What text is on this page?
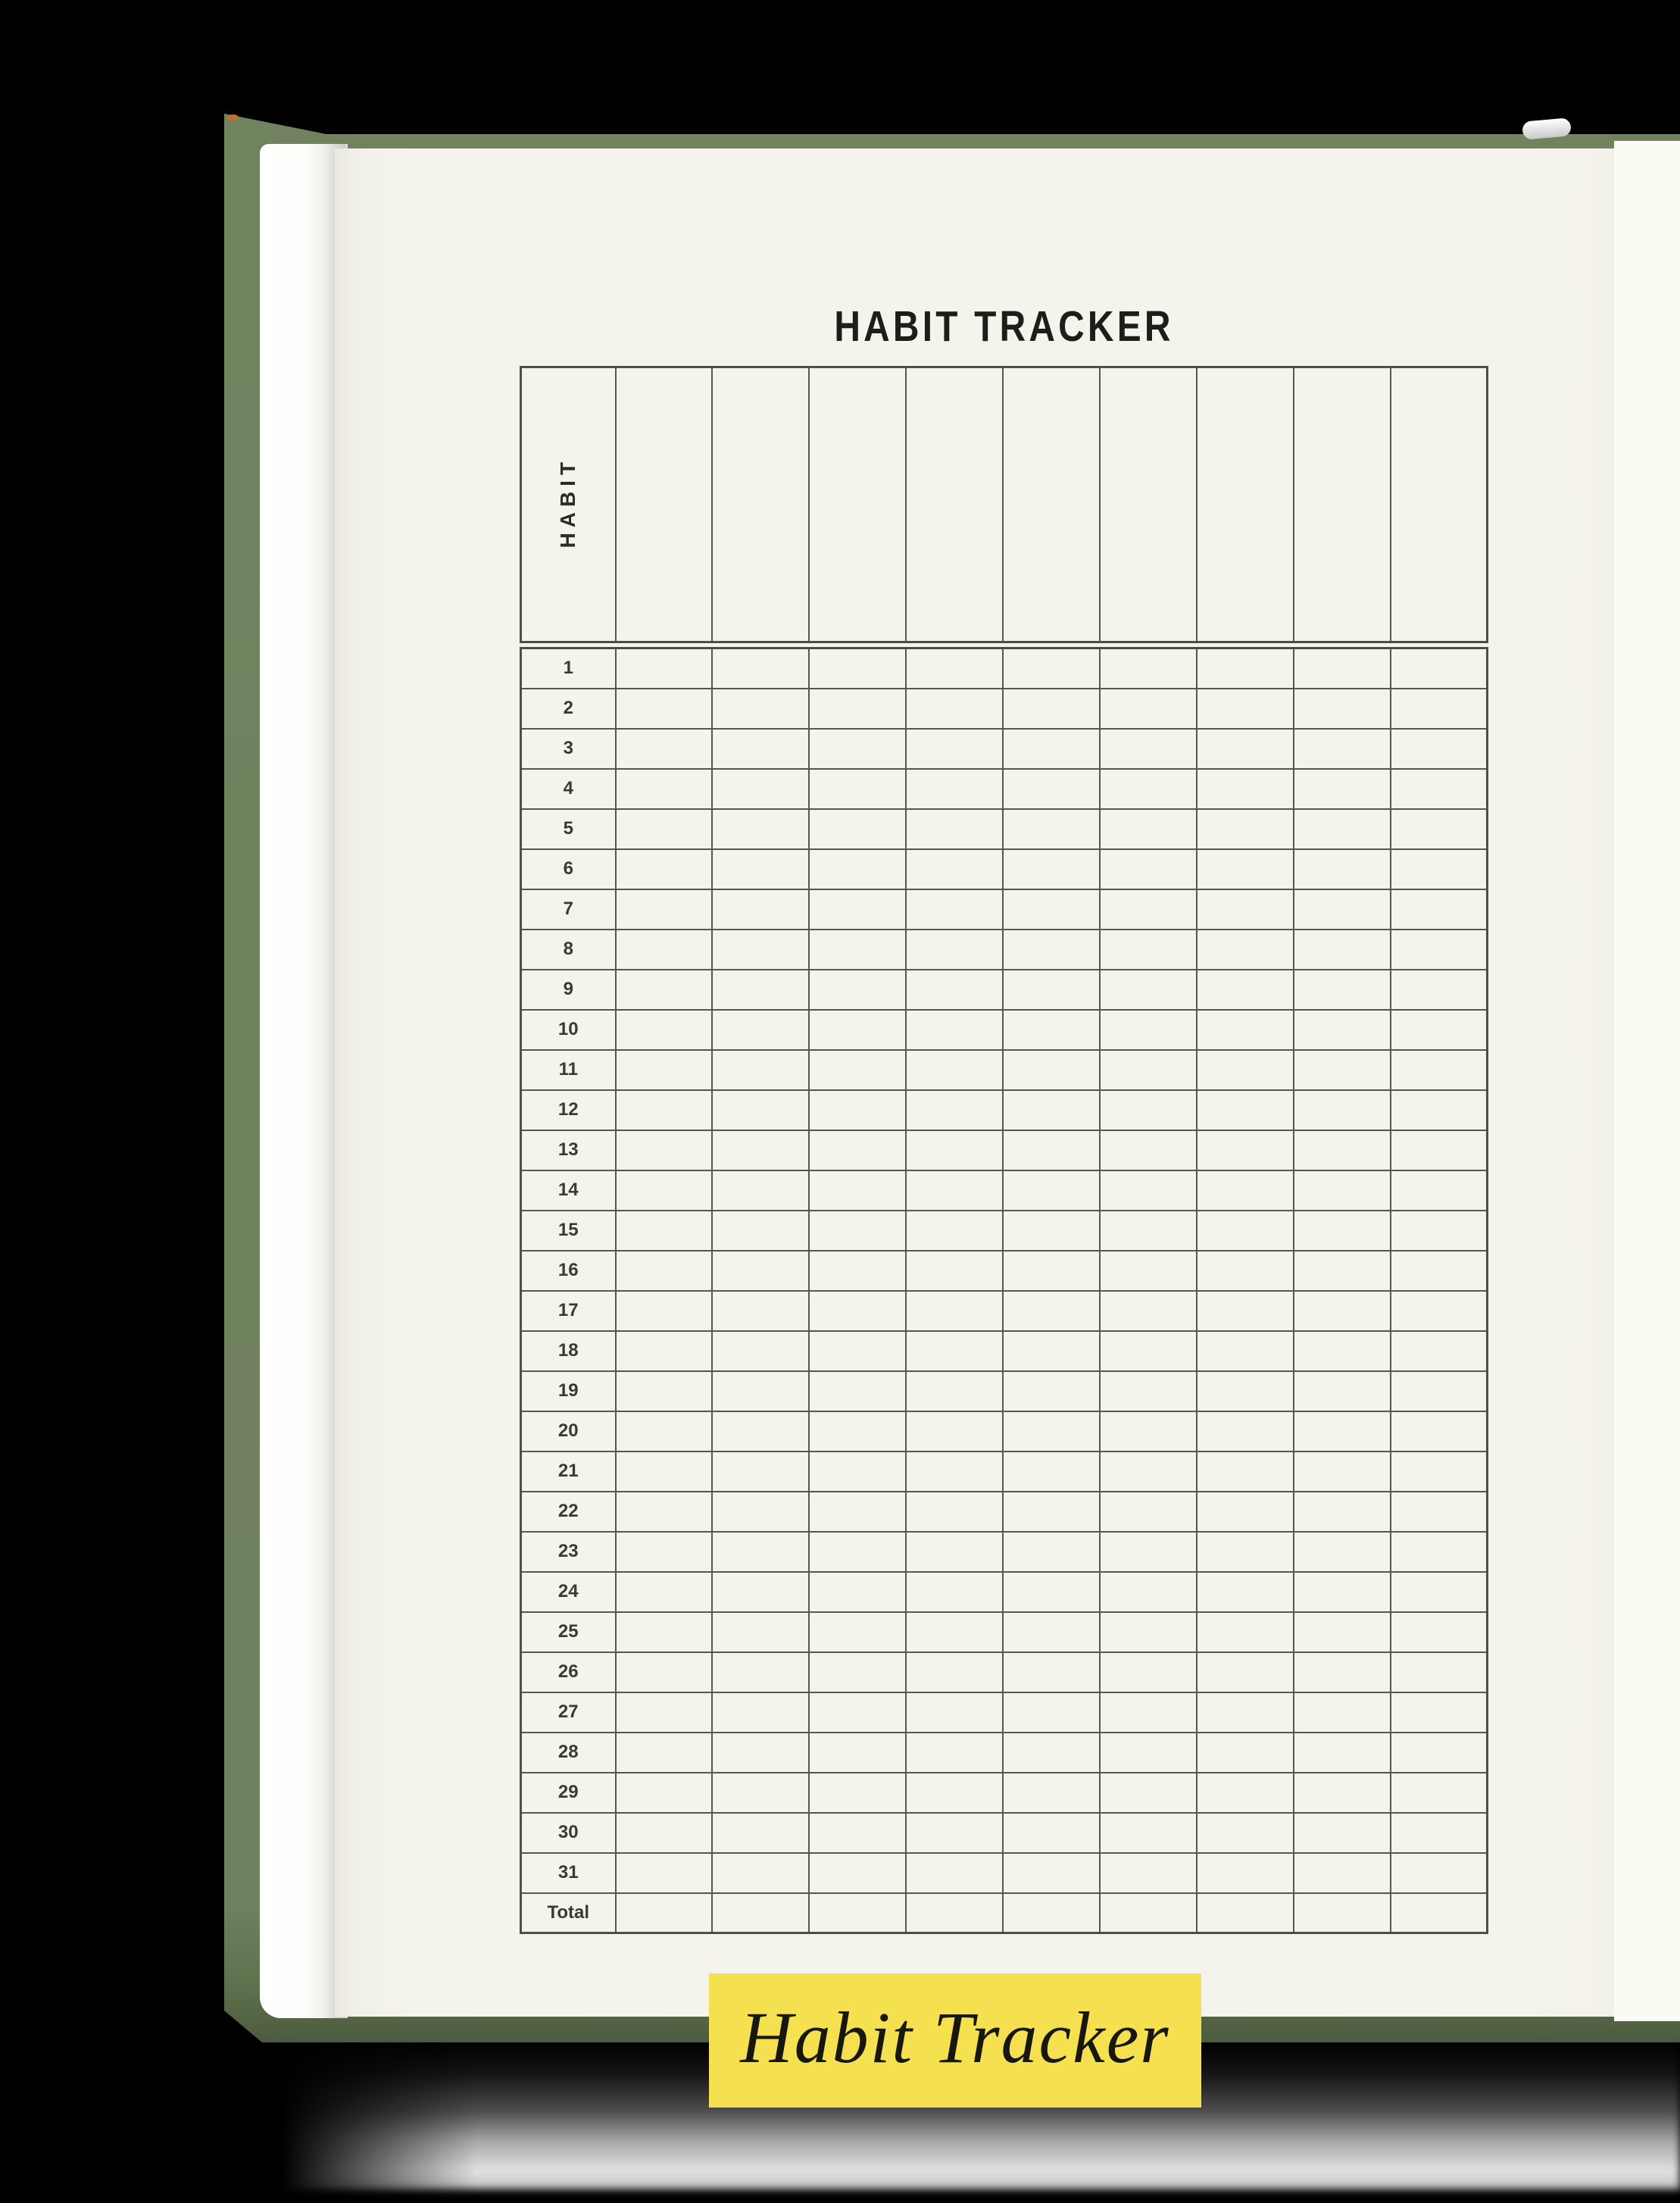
HABIT TRACKER
HABIT									
1									
2									
3									
4									
5									
6									
7									
8									
9									
10									
11									
12									
13									
14									
15									
16									
17									
18									
19									
20									
21									
22									
23									
24									
25									
26									
27									
28									
29									
30									
31									
Total									
Habit Tracker
